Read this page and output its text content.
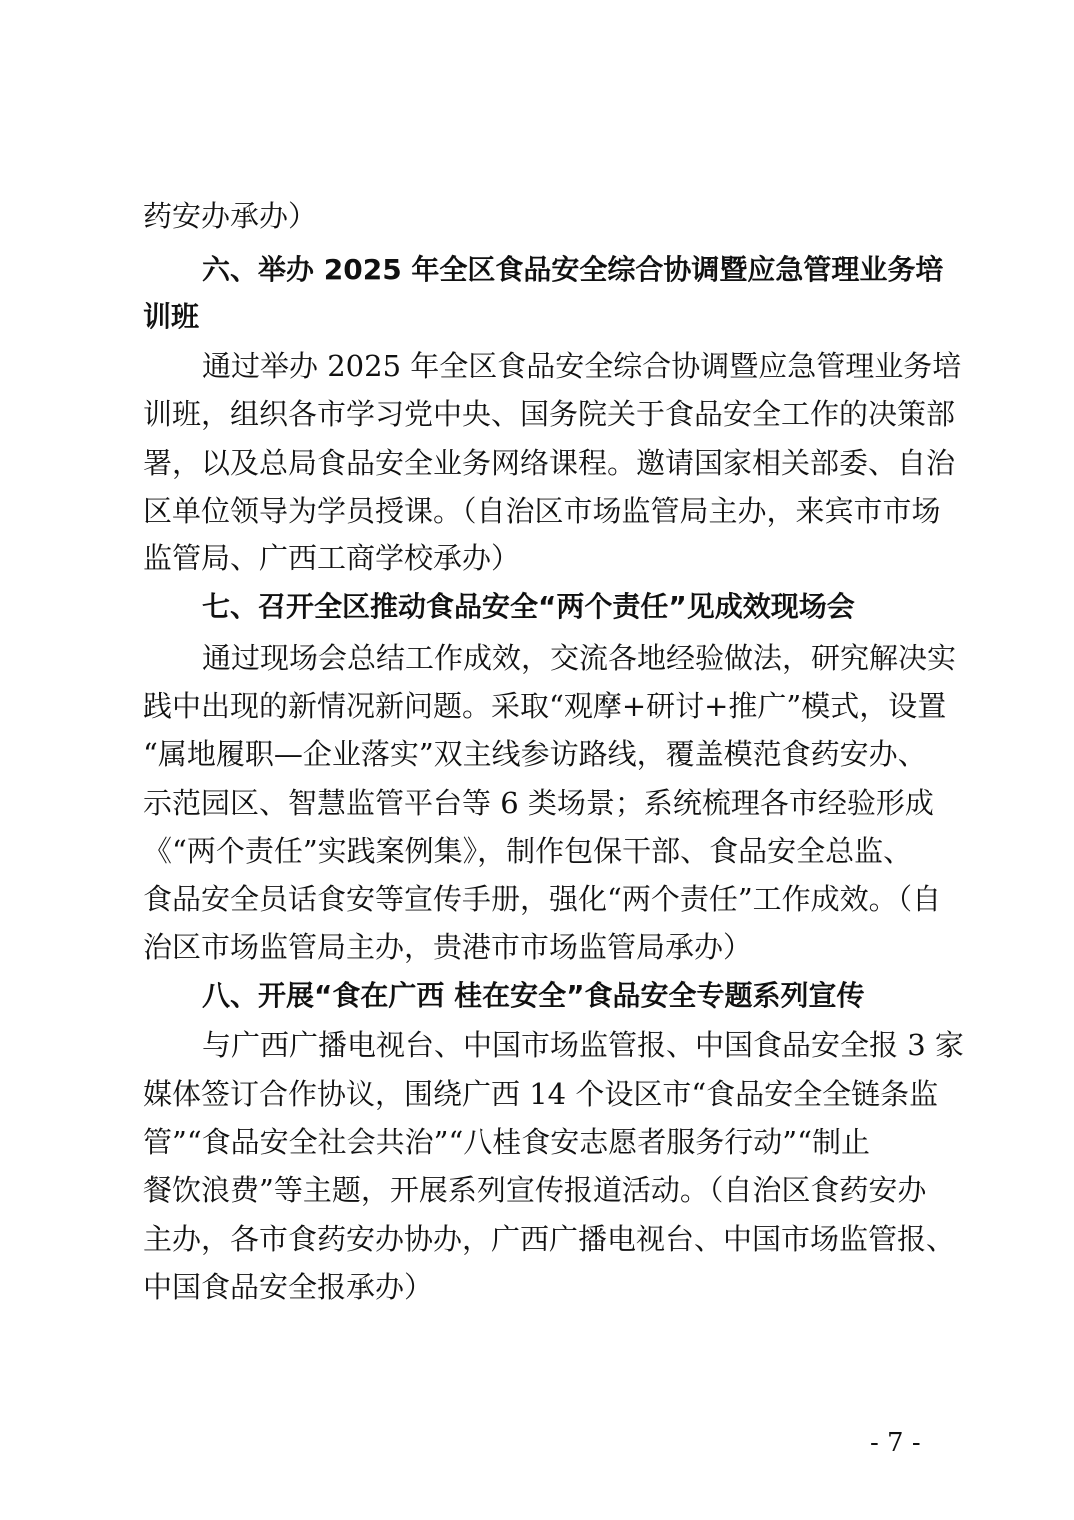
药安办承办）
六、举办 2025 年全区食品安全综合协调暨应急管理业务培
训班
通过举办 2025 年全区食品安全综合协调暨应急管理业务培
训班，组织各市学习党中央、国务院关于食品安全工作的决策部
署，以及总局食品安全业务网络课程。邀请国家相关部委、自治
区单位领导为学员授课。（自治区市场监管局主办，来宾市市场
监管局、广西工商学校承办）
七、召开全区推动食品安全“两个责任”见成效现场会
通过现场会总结工作成效，交流各地经验做法，研究解决实
践中出现的新情况新问题。采取“观摩+研讨+推广”模式，设置
“属地履职—企业落实”双主线参访路线，覆盖模范食药安办、
示范园区、智慧监管平台等 6 类场景；系统梳理各市经验形成
《“两个责任”实践案例集》，制作包保干部、食品安全总监、
食品安全员话食安等宣传手册，强化“两个责任”工作成效。（自
治区市场监管局主办，贵港市市场监管局承办）
八、开展“食在广西 桂在安全”食品安全专题系列宣传
与广西广播电视台、中国市场监管报、中国食品安全报 3 家
媒体签订合作协议，围绕广西 14 个设区市“食品安全全链条监
管”“食品安全社会共治”“八桂食安志愿者服务行动”“制止
餐饮浪费”等主题，开展系列宣传报道活动。（自治区食药安办
主办，各市食药安办协办，广西广播电视台、中国市场监管报、
中国食品安全报承办）
- 7 -
